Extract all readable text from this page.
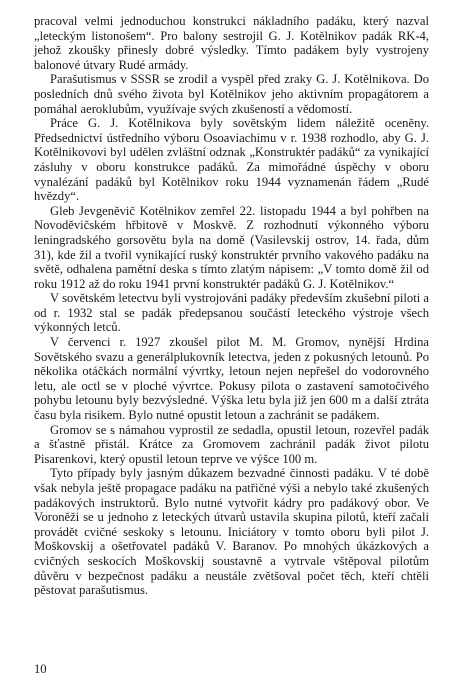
pracoval velmi jednoduchou konstrukci nákladního padáku, který nazval „leteckým listonošem“. Pro balony sestrojil G. J. Kotělnikov padák RK-4, jehož zkoušky přinesly dobré výsledky. Tímto padákem byly vystrojeny balonové útvary Rudé armády.

Parašutismus v SSSR se zrodil a vyspěl před zraky G. J. Kotělnikova. Do posledních dnů svého života byl Kotělnikov jeho aktivním propagátorem a pomáhal aeroklubům, využívaje svých zkušeností a vědomostí.

Práce G. J. Kotělnikova byly sovětským lidem náležitě oceněny. Předsednictví ústředního výboru Osoaviachimu v r. 1938 rozhodlo, aby G. J. Kotělnikovovi byl udělen zvláštní odznak „Konstruktér padáků“ za vynikající zásluhy v oboru konstrukce padáků. Za mimořádné úspěchy v oboru vynalézání padáků byl Kotělnikov roku 1944 vyznamenán řádem „Rudé hvězdy“.

Gleb Jevgeněvič Kotělnikov zemřel 22. listopadu 1944 a byl pohřben na Novoděvičském hřbitově v Moskvě. Z rozhodnutí výkonného výboru leningradského gorsovětu byla na domě (Vasilevskij ostrov, 14. řada, dům 31), kde žil a tvořil vynikající ruský konstruktér prvního vakového padáku na světě, odhalena pamětní deska s tímto zlatým nápisem: „V tomto domě žil od roku 1912 až do roku 1941 první konstruktér padáků G. J. Kotělnikov.“

V sovětském letectvu byli vystrojováni padáky především zkušební piloti a od r. 1932 stal se padák předepsanou součástí leteckého výstroje všech výkonných letců.

V červenci r. 1927 zkoušel pilot M. M. Gromov, nynější Hrdina Sovětského svazu a generálplukovník letectva, jeden z pokusných letounů. Po několika otáčkách normální vývrtky, letoun nejen nepřešel do vodorovného letu, ale octl se v ploché vývrtce. Pokusy pilota o zastavení samotočivého pohybu letounu byly bezvýsledné. Výška letu byla již jen 600 m a další ztráta času byla risikem. Bylo nutné opustit letoun a zachránit se padákem.

Gromov se s námahou vyprostil ze sedadla, opustil letoun, rozevřel padák a šťastně přistál. Krátce za Gromovem zachránil padák život pilotu Pisarenkovi, který opustil letoun teprve ve výšce 100 m.

Tyto případy byly jasným důkazem bezvadné činnosti padáku. V té době však nebyla ještě propagace padáku na patřičné výši a nebylo také zkušených padákových instruktorů. Bylo nutné vytvořit kádry pro padákový obor. Ve Voroněži se u jednoho z leteckých útvarů ustavila skupina pilotů, kteří začali provádět cvičné seskoky s letounu. Iniciátory v tomto oboru byli pilot J. Moškovskij a ošetřovatel padáků V. Baranov. Po mnohých úkázkových a cvičných seskocích Moškovskij soustavně a vytrvale vštěpoval pilotům důvěru v bezpečnost padáku a neustále zvětšoval počet těch, kteří chtěli pěstovat parašutismus.

10
